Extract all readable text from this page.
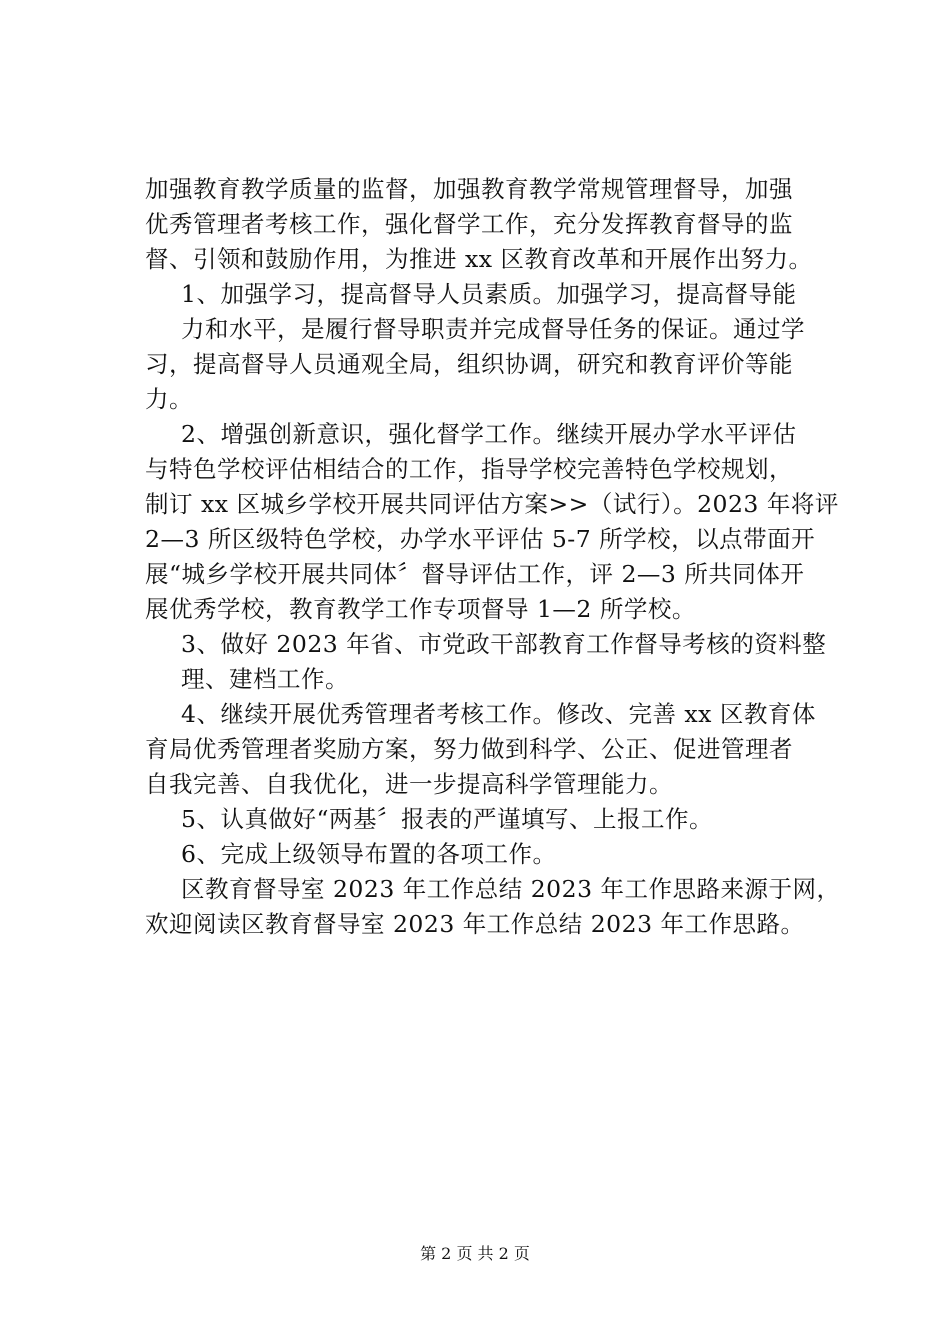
加强教育教学质量的监督，加强教育教学常规管理督导，加强
优秀管理者考核工作，强化督学工作，充分发挥教育督导的监
督、引领和鼓励作用，为推进 xx 区教育改革和开展作出努力。
1、加强学习，提高督导人员素质。加强学习，提高督导能
力和水平，是履行督导职责并完成督导任务的保证。通过学
习，提高督导人员通观全局，组织协调，研究和教育评价等能
力。
2、增强创新意识，强化督学工作。继续开展办学水平评估
与特色学校评估相结合的工作，指导学校完善特色学校规划，
制订 xx 区城乡学校开展共同评估方案>>（试行）。2023 年将评
2—3 所区级特色学校，办学水平评估 5-7 所学校，以点带面开
展“城乡学校开展共同体〞督导评估工作，评 2—3 所共同体开
展优秀学校，教育教学工作专项督导 1—2 所学校。
3、做好 2023 年省、市党政干部教育工作督导考核的资料整
理、建档工作。
4、继续开展优秀管理者考核工作。修改、完善 xx 区教育体
育局优秀管理者奖励方案，努力做到科学、公正、促进管理者
自我完善、自我优化，进一步提高科学管理能力。
5、认真做好“两基〞报表的严谨填写、上报工作。
6、完成上级领导布置的各项工作。
区教育督导室 2023 年工作总结 2023 年工作思路来源于网，
欢迎阅读区教育督导室 2023 年工作总结 2023 年工作思路。
第 2 页 共 2 页
